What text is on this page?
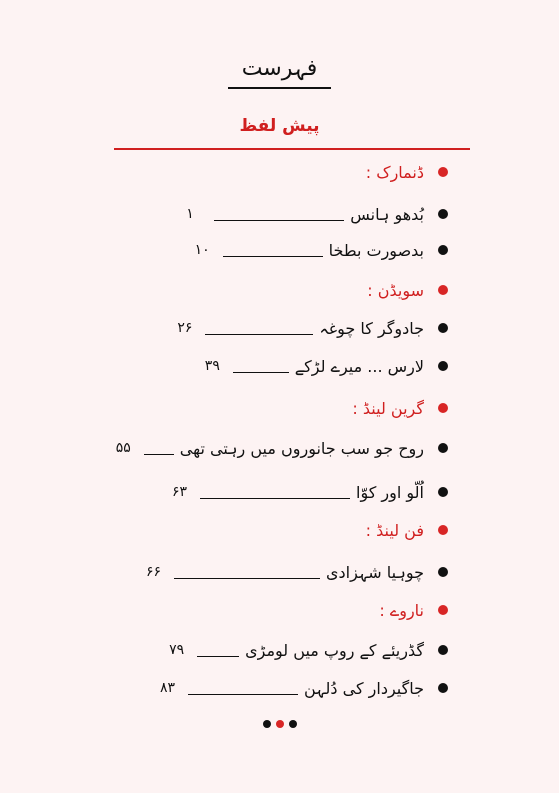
فہرست
پیش لفظ
ڈنمارک :
بُدھو ہانس
۱
بدصورت بطخا
۱۰
سویڈن :
جادوگر کا چوغہ
۲۶
لارس ... میرے لڑکے
۳۹
گرین لینڈ :
روح جو سب جانوروں میں رہتی تھی
۵۵
اُلّو اور کوّا
۶۳
فن لینڈ :
چوہیا شہزادی
۶۶
ناروے :
گڈریئے کے روپ میں لومڑی
۷۹
جاگیردار کی دُلہن
۸۳
